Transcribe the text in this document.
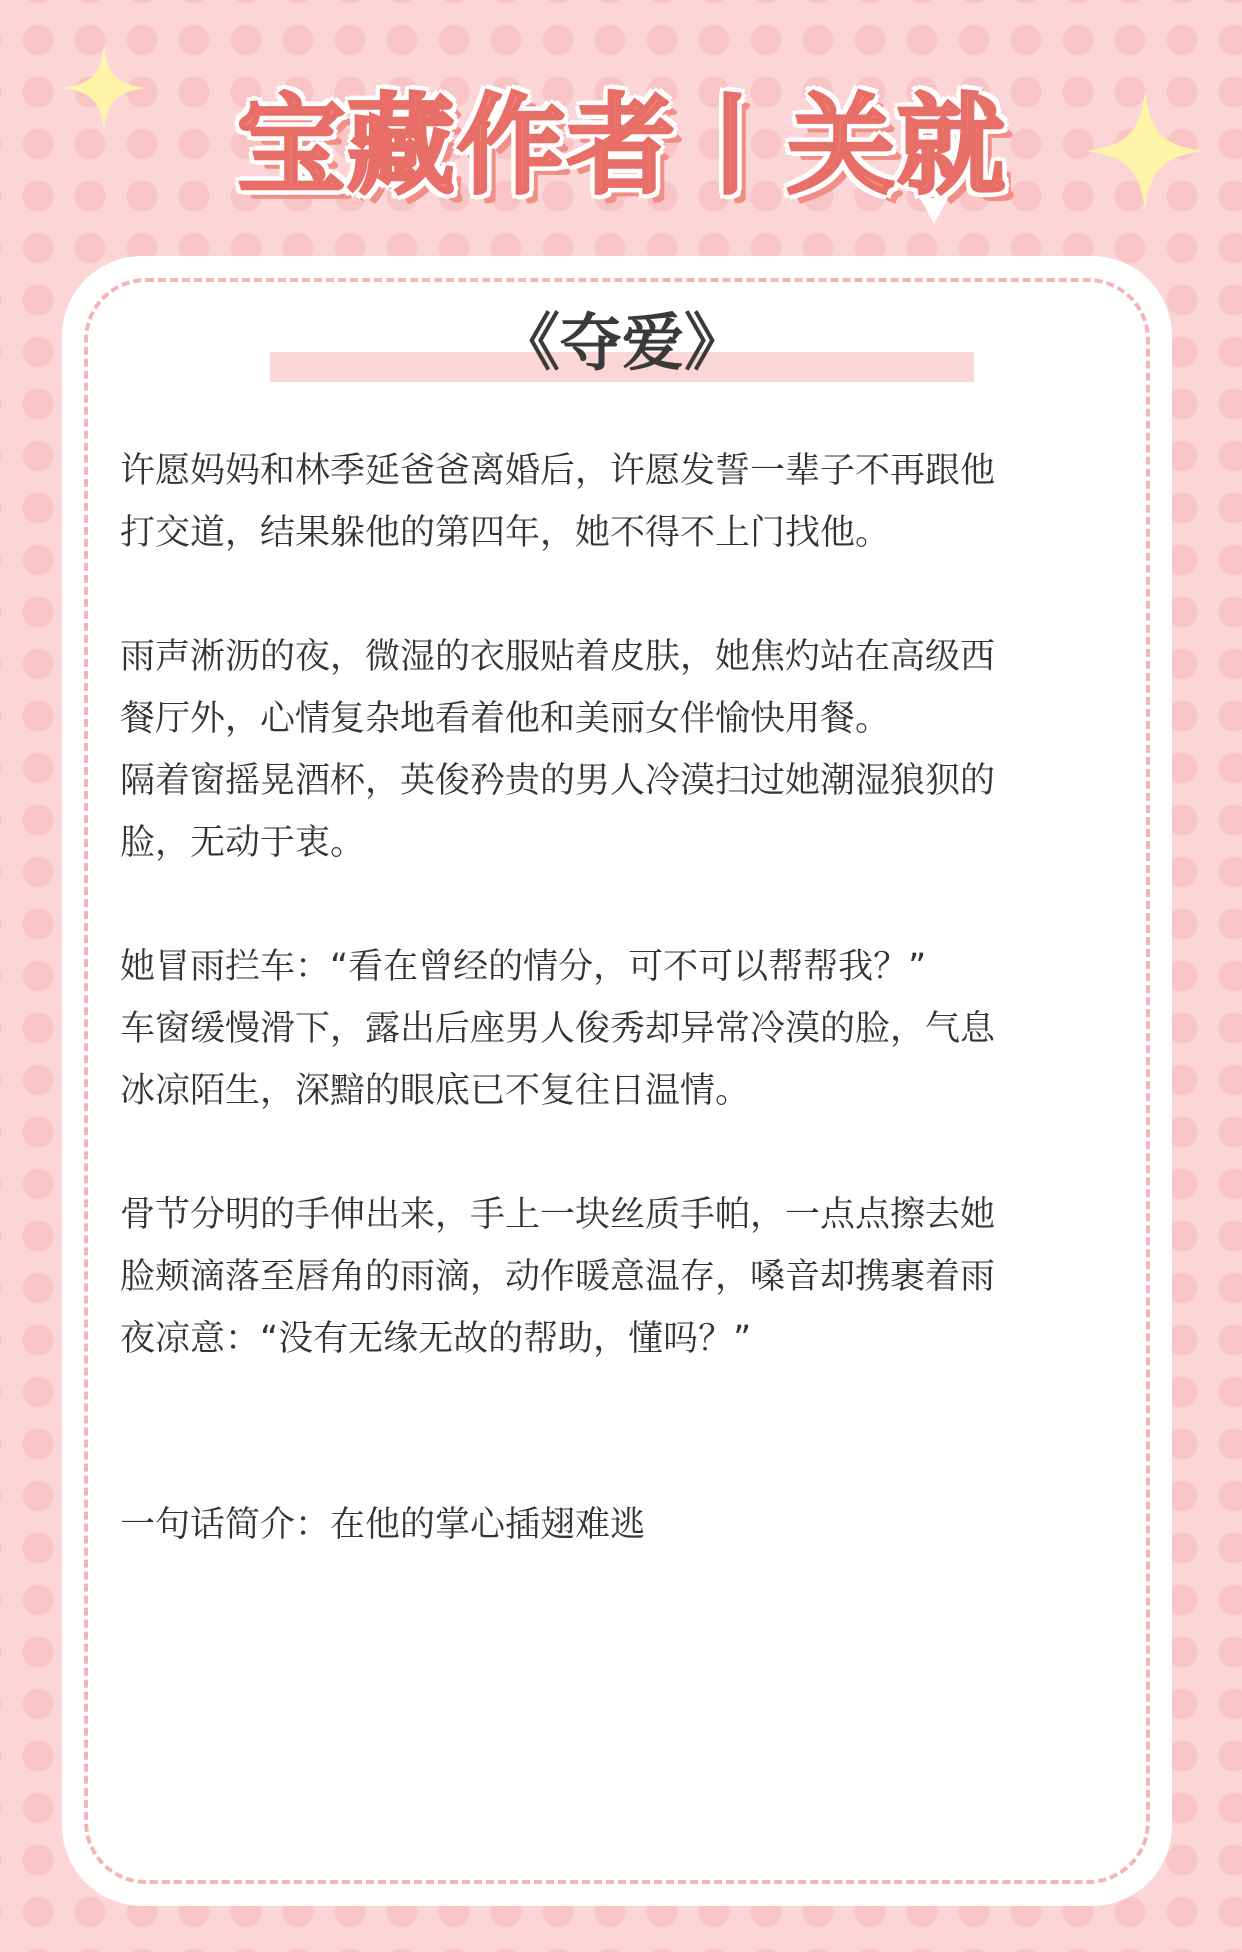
宝藏作者丨关就
《夺爱》
许愿妈妈和林季延爸爸离婚后，许愿发誓一辈子不再跟他
打交道，结果躲他的第四年，她不得不上门找他。
雨声淅沥的夜，微湿的衣服贴着皮肤，她焦灼站在高级西
餐厅外，心情复杂地看着他和美丽女伴愉快用餐。
隔着窗摇晃酒杯，英俊矜贵的男人冷漠扫过她潮湿狼狈的
脸，无动于衷。
她冒雨拦车：“看在曾经的情分，可不可以帮帮我？”
车窗缓慢滑下，露出后座男人俊秀却异常冷漠的脸，气息
冰凉陌生，深黯的眼底已不复往日温情。
骨节分明的手伸出来，手上一块丝质手帕，一点点擦去她
脸颊滴落至唇角的雨滴，动作暖意温存，嗓音却携裹着雨
夜凉意：“没有无缘无故的帮助，懂吗？”
一句话简介：在他的掌心插翅难逃
